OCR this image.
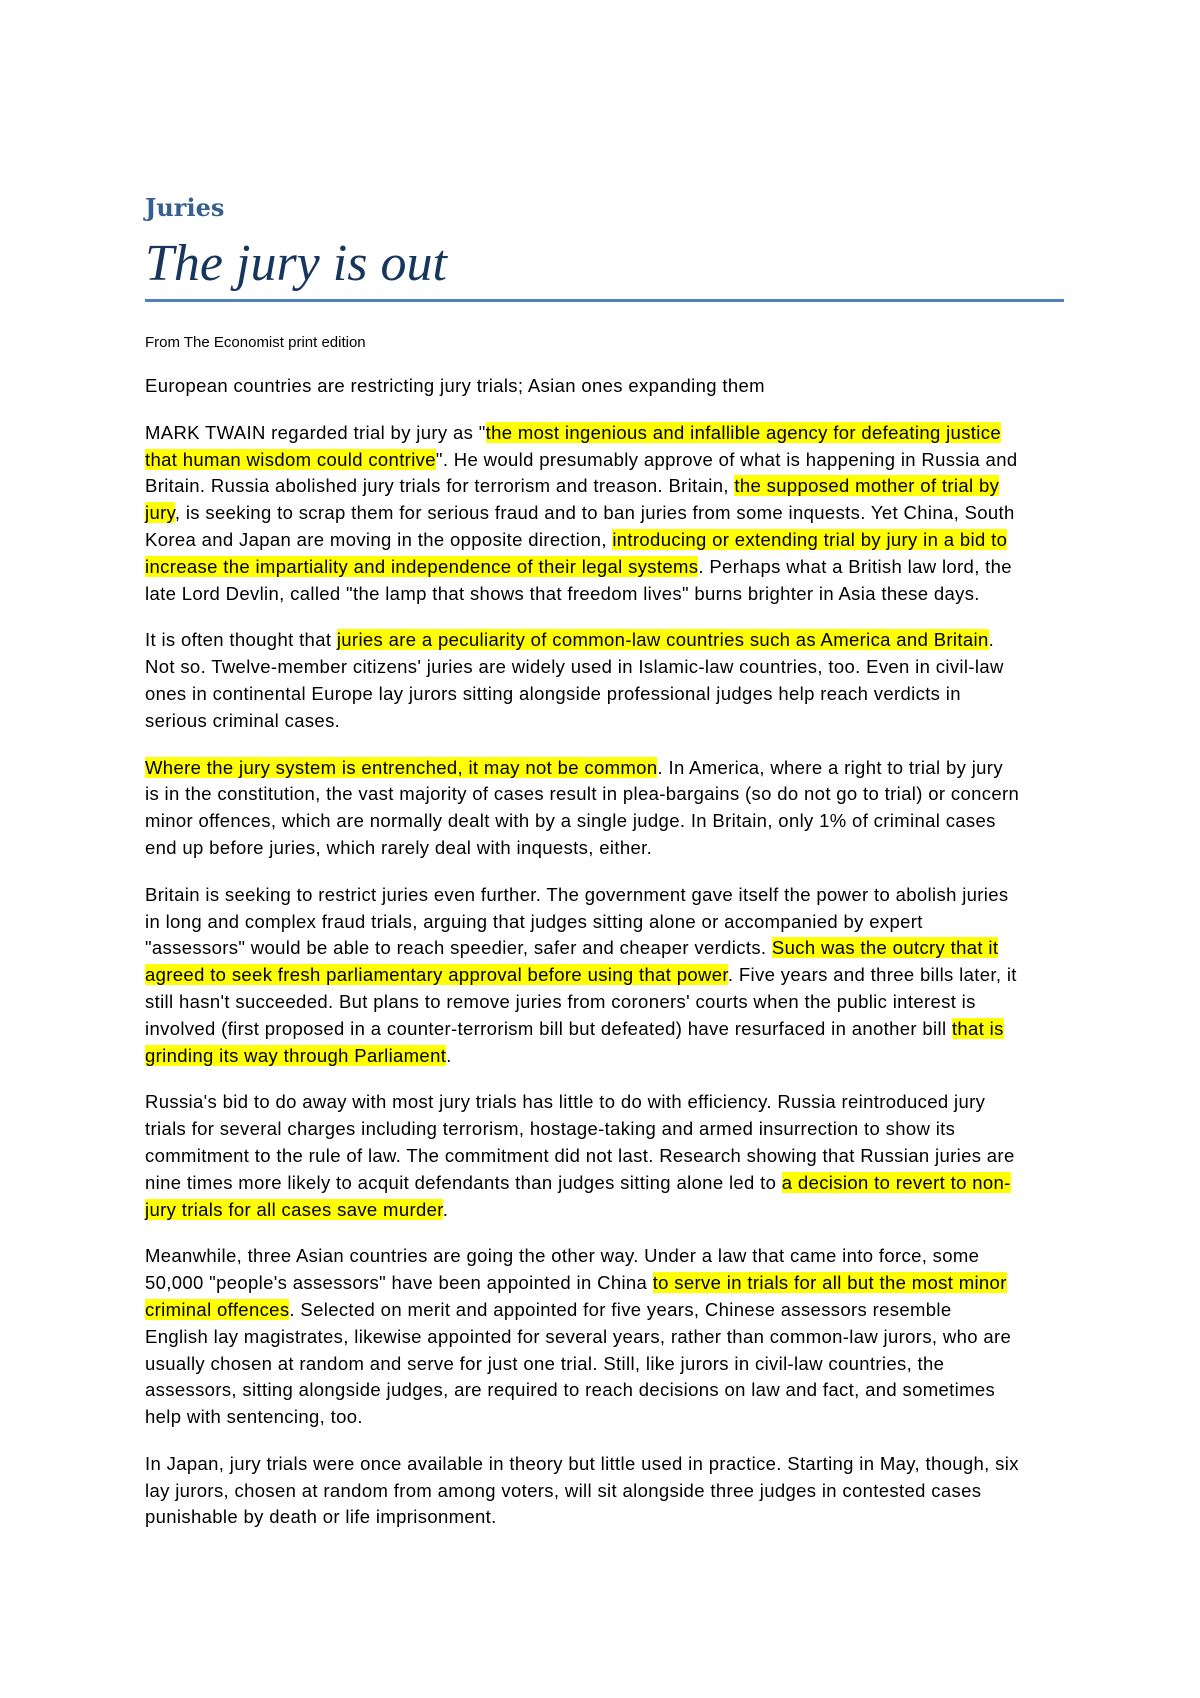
Juries
The jury is out
From The Economist print edition
European countries are restricting jury trials; Asian ones expanding them
MARK TWAIN regarded trial by jury as "the most ingenious and infallible agency for defeating justice
that human wisdom could contrive". He would presumably approve of what is happening in Russia and
Britain. Russia abolished jury trials for terrorism and treason. Britain, the supposed mother of trial by
jury, is seeking to scrap them for serious fraud and to ban juries from some inquests. Yet China, South
Korea and Japan are moving in the opposite direction, introducing or extending trial by jury in a bid to
increase the impartiality and independence of their legal systems. Perhaps what a British law lord, the
late Lord Devlin, called "the lamp that shows that freedom lives" burns brighter in Asia these days.
It is often thought that juries are a peculiarity of common-law countries such as America and Britain.
Not so. Twelve-member citizens' juries are widely used in Islamic-law countries, too. Even in civil-law
ones in continental Europe lay jurors sitting alongside professional judges help reach verdicts in
serious criminal cases.
Where the jury system is entrenched, it may not be common. In America, where a right to trial by jury
is in the constitution, the vast majority of cases result in plea-bargains (so do not go to trial) or concern
minor offences, which are normally dealt with by a single judge. In Britain, only 1% of criminal cases
end up before juries, which rarely deal with inquests, either.
Britain is seeking to restrict juries even further. The government gave itself the power to abolish juries
in long and complex fraud trials, arguing that judges sitting alone or accompanied by expert
"assessors" would be able to reach speedier, safer and cheaper verdicts. Such was the outcry that it
agreed to seek fresh parliamentary approval before using that power. Five years and three bills later, it
still hasn't succeeded. But plans to remove juries from coroners' courts when the public interest is
involved (first proposed in a counter-terrorism bill but defeated) have resurfaced in another bill that is
grinding its way through Parliament.
Russia's bid to do away with most jury trials has little to do with efficiency. Russia reintroduced jury
trials for several charges including terrorism, hostage-taking and armed insurrection to show its
commitment to the rule of law. The commitment did not last. Research showing that Russian juries are
nine times more likely to acquit defendants than judges sitting alone led to a decision to revert to non-
jury trials for all cases save murder.
Meanwhile, three Asian countries are going the other way. Under a law that came into force, some
50,000 "people's assessors" have been appointed in China to serve in trials for all but the most minor
criminal offences. Selected on merit and appointed for five years, Chinese assessors resemble
English lay magistrates, likewise appointed for several years, rather than common-law jurors, who are
usually chosen at random and serve for just one trial. Still, like jurors in civil-law countries, the
assessors, sitting alongside judges, are required to reach decisions on law and fact, and sometimes
help with sentencing, too.
In Japan, jury trials were once available in theory but little used in practice. Starting in May, though, six
lay jurors, chosen at random from among voters, will sit alongside three judges in contested cases
punishable by death or life imprisonment.
